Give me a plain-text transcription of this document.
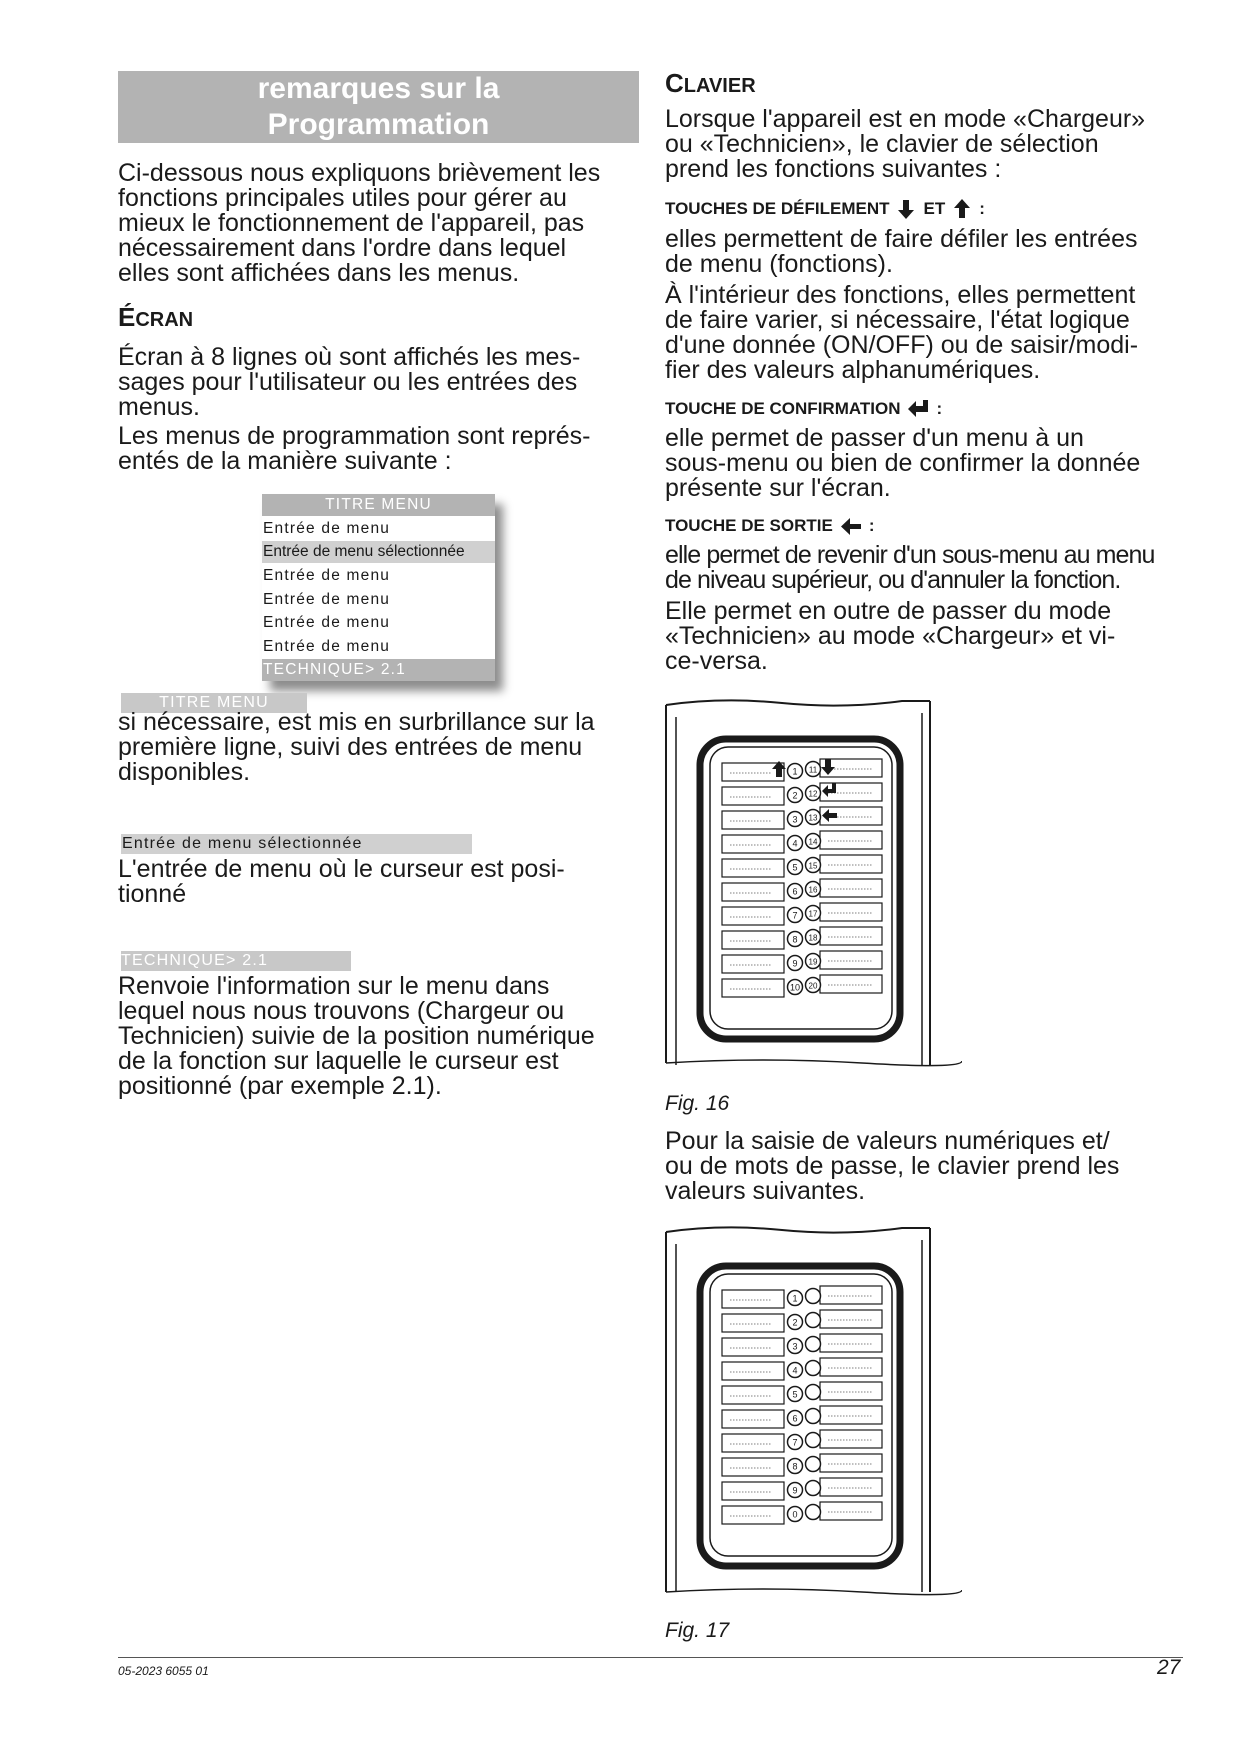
remarques sur la
Programmation
Ci-dessous nous expliquons brièvement les
fonctions principales utiles pour gérer au
mieux le fonctionnement de l'appareil, pas
nécessairement dans l'ordre dans lequel
elles sont affichées dans les menus.
ÉCRAN
Écran à 8 lignes où sont affichés les mes-
sages pour l'utilisateur ou les entrées des
menus.
Les menus de programmation sont représ-
entés de la manière suivante :
TITRE MENU
Entrée de menu
Entrée de menu sélectionnée
Entrée de menu
Entrée de menu
Entrée de menu
Entrée de menu
TECHNIQUE> 2.1
TITRE MENU
si nécessaire, est mis en surbrillance sur la
première ligne, suivi des entrées de menu
disponibles.
Entrée de menu sélectionnée
L'entrée de menu où le curseur est posi-
tionné
TECHNIQUE> 2.1
Renvoie l'information sur le menu dans
lequel nous nous trouvons (Chargeur ou
Technicien) suivie de la position numérique
de la fonction sur laquelle le curseur est
positionné (par exemple 2.1).
CLAVIER
Lorsque l'appareil est en mode «Chargeur»
ou «Technicien», le clavier de sélection
prend les fonctions suivantes :
TOUCHES DE DÉFILEMENT ET :
elles permettent de faire défiler les entrées
de menu (fonctions).
À l'intérieur des fonctions, elles permettent
de faire varier, si nécessaire, l'état logique
d'une donnée (ON/OFF) ou de saisir/modi-
fier des valeurs alphanumériques.
TOUCHE DE CONFIRMATION :
elle permet de passer d'un menu à un
sous-menu ou bien de confirmer la donnée
présente sur l'écran.
TOUCHE DE SORTIE :
elle permet de revenir d'un sous-menu au menu
de niveau supérieur, ou d'annuler la fonction.
Elle permet en outre de passer du mode
«Technicien» au mode «Chargeur» et vi-
ce-versa.
1 11
2 12
3 13
4 14
5 15
6 16
7 17
8 18
9 19
10 20
Fig. 16
Pour la saisie de valeurs numériques et/
ou de mots de passe, le clavier prend les
valeurs suivantes.
1
2
3
4
5
6
7
8
9
0
Fig. 17
05-2023 6055 01	27
